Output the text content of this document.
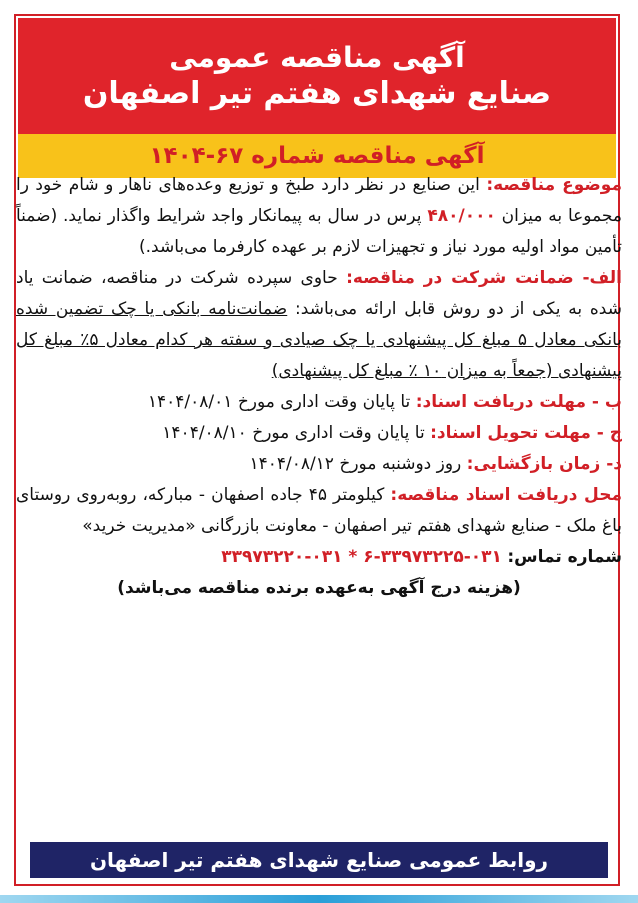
آگهی مناقصه عمومی
صنایع شهدای هفتم تیر اصفهان
آگهی مناقصه شماره ۶۷-۱۴۰۴

موضوع مناقصه: این صنایع در نظر دارد طبخ و توزیع وعده‌های ناهار و شام خود را مجموعا به میزان ۴۸۰/۰۰۰ پرس در سال به پیمانکار واجد شرایط واگذار نماید. (ضمناً تأمین مواد اولیه مورد نیاز و تجهیزات لازم بر عهده کارفرما می‌باشد.)

الف- ضمانت شرکت در مناقصه: حاوی سپرده شرکت در مناقصه، ضمانت یاد شده به یکی از دو روش قابل ارائه می‌باشد: ضمانت‌نامه بانکی یا چک تضمین شده بانکی معادل ۵ مبلغ کل پیشنهادی یا چک صیادی و سفته هر کدام معادل ۵٪ مبلغ کل پیشنهادی (جمعاً به میزان ۱۰ ٪ مبلغ کل پیشنهادی)

ب - مهلت دریافت اسناد: تا پایان وقت اداری مورخ ۱۴۰۴/۰۸/۰۱

ج - مهلت تحویل اسناد: تا پایان وقت اداری مورخ ۱۴۰۴/۰۸/۱۰

د- زمان بازگشایی: روز دوشنبه مورخ ۱۴۰۴/۰۸/۱۲

محل دریافت اسناد مناقصه: کیلومتر ۴۵ جاده اصفهان - مبارکه، روبه‌روی روستای باغ ملک - صنایع شهدای هفتم تیر اصفهان - معاونت بازرگانی «مدیریت خرید»

شماره تماس: ۰۳۱-۳۳۹۷۳۲۲۵-۶ * ۰۳۱-۳۳۹۷۳۲۲۰

(هزینه درج آگهی به‌عهده برنده مناقصه می‌باشد)

روابط عمومی صنایع شهدای هفتم تیر اصفهان
